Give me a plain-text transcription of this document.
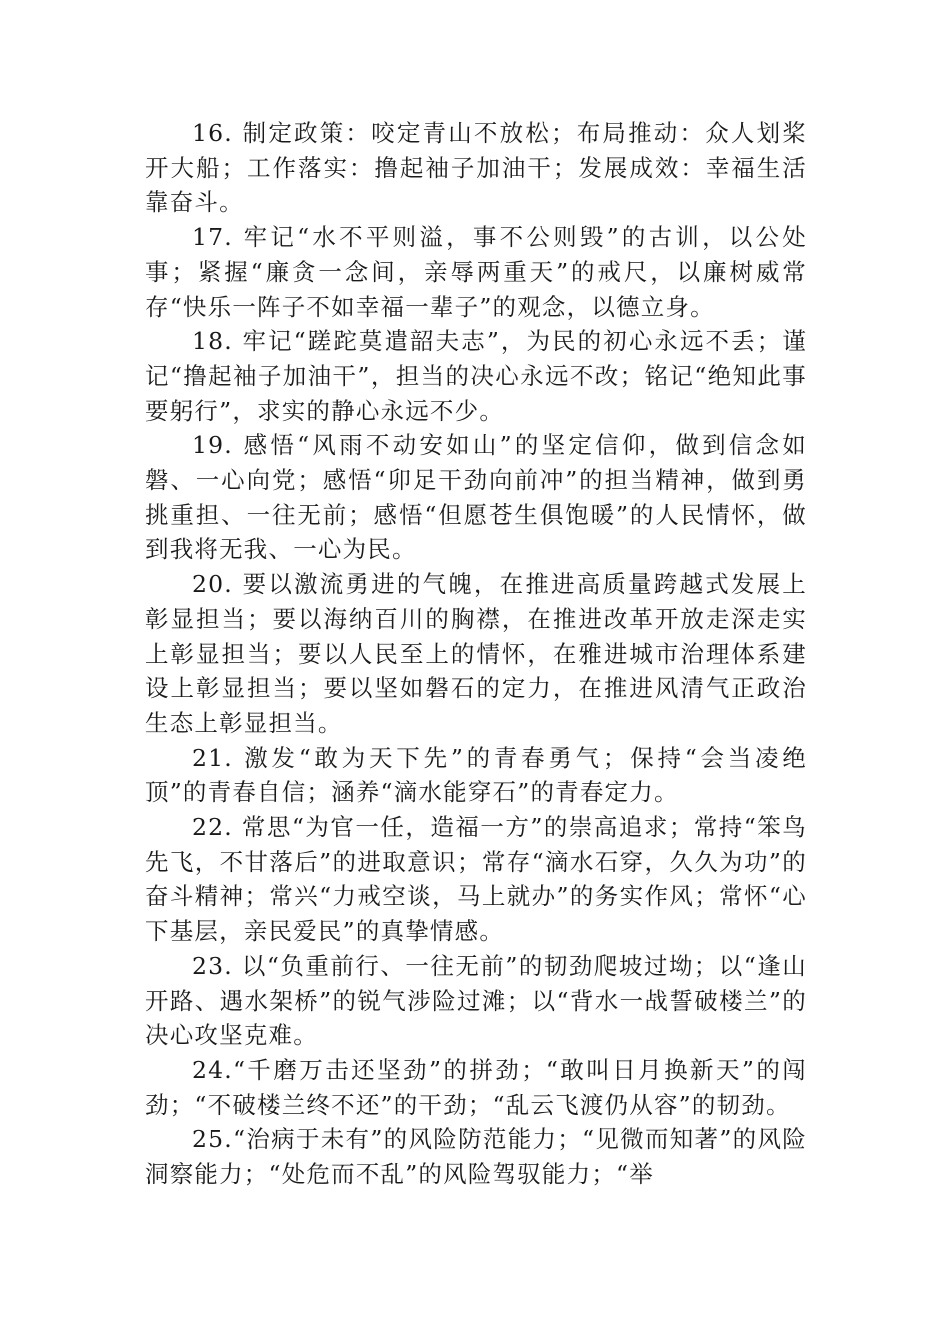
16. 制定政策：咬定青山不放松；布局推动：众人划桨开大船；工作落实：撸起袖子加油干；发展成效：幸福生活靠奋斗。

17. 牢记“水不平则溢，事不公则毁”的古训，以公处事；紧握“廉贪一念间，亲辱两重天”的戒尺，以廉树威常存“快乐一阵子不如幸福一辈子”的观念，以德立身。

18. 牢记“蹉跎莫遣韶夫志”，为民的初心永远不丢；谨记“撸起袖子加油干”，担当的决心永远不改；铭记“绝知此事要躬行”，求实的静心永远不少。

19. 感悟“风雨不动安如山”的坚定信仰，做到信念如磐、一心向党；感悟“卯足干劲向前冲”的担当精神，做到勇挑重担、一往无前；感悟“但愿苍生俱饱暖”的人民情怀，做到我将无我、一心为民。

20. 要以激流勇进的气魄，在推进高质量跨越式发展上彰显担当；要以海纳百川的胸襟，在推进改革开放走深走实上彰显担当；要以人民至上的情怀，在雅进城市治理体系建设上彰显担当；要以坚如磐石的定力，在推进风清气正政治生态上彰显担当。

21. 激发“敢为天下先”的青春勇气；保持“会当凌绝顶”的青春自信；涵养“滴水能穿石”的青春定力。

22. 常思“为官一任，造福一方”的崇高追求；常持“笨鸟先飞，不甘落后”的进取意识；常存“滴水石穿，久久为功”的奋斗精神；常兴“力戒空谈，马上就办”的务实作风；常怀“心下基层，亲民爱民”的真挚情感。

23. 以“负重前行、一往无前”的韧劲爬坡过坳；以“逢山开路、遇水架桥”的锐气涉险过滩；以“背水一战誓破楼兰”的决心攻坚克难。

24.“千磨万击还坚劲”的拼劲；“敢叫日月换新天”的闯劲；“不破楼兰终不还”的干劲；“乱云飞渡仍从容”的韧劲。

25.“治病于未有”的风险防范能力；“见微而知著”的风险洞察能力；“处危而不乱”的风险驾驭能力；“举
